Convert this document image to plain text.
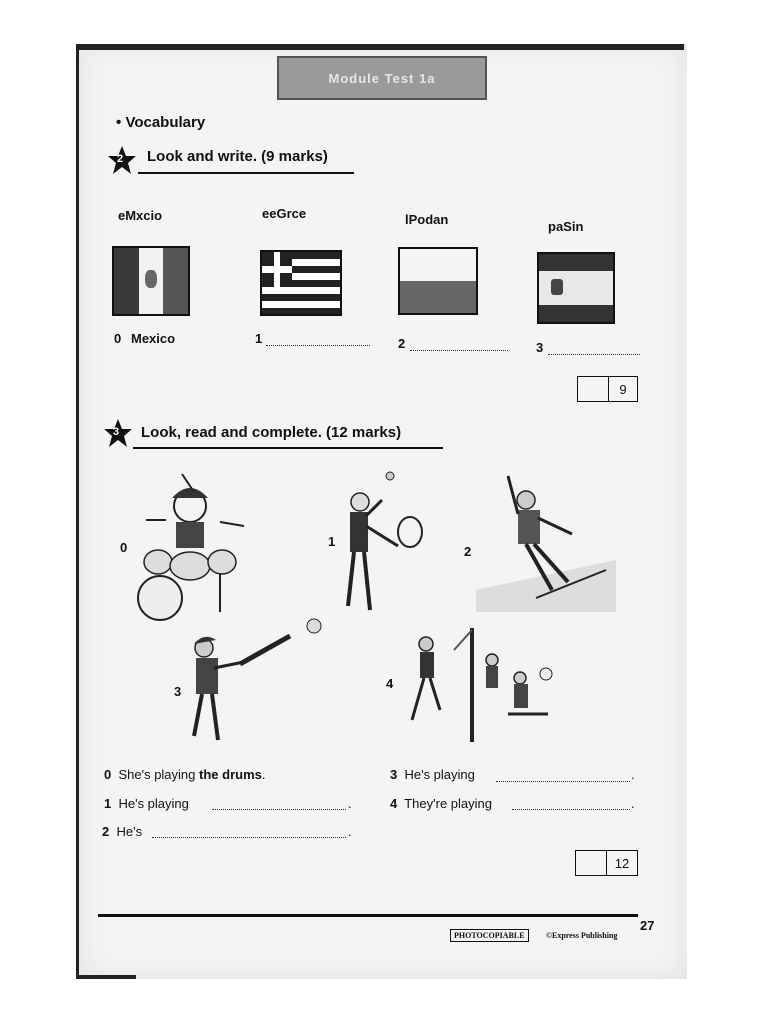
Module Test 1a
• Vocabulary
2 Look and write. (9 marks)
eMxcio	eeGrce	lPodan	paSin
0 Mexico	1	2	3
9
3 Look, read and complete. (12 marks)
0	1
2
3
4
0 She's playing the drums.
1 He's playing	.
2 He's	.
3 He's playing	.
4 They're playing	.
12
PHOTOCOPIABLE	©Express Publishing
27
